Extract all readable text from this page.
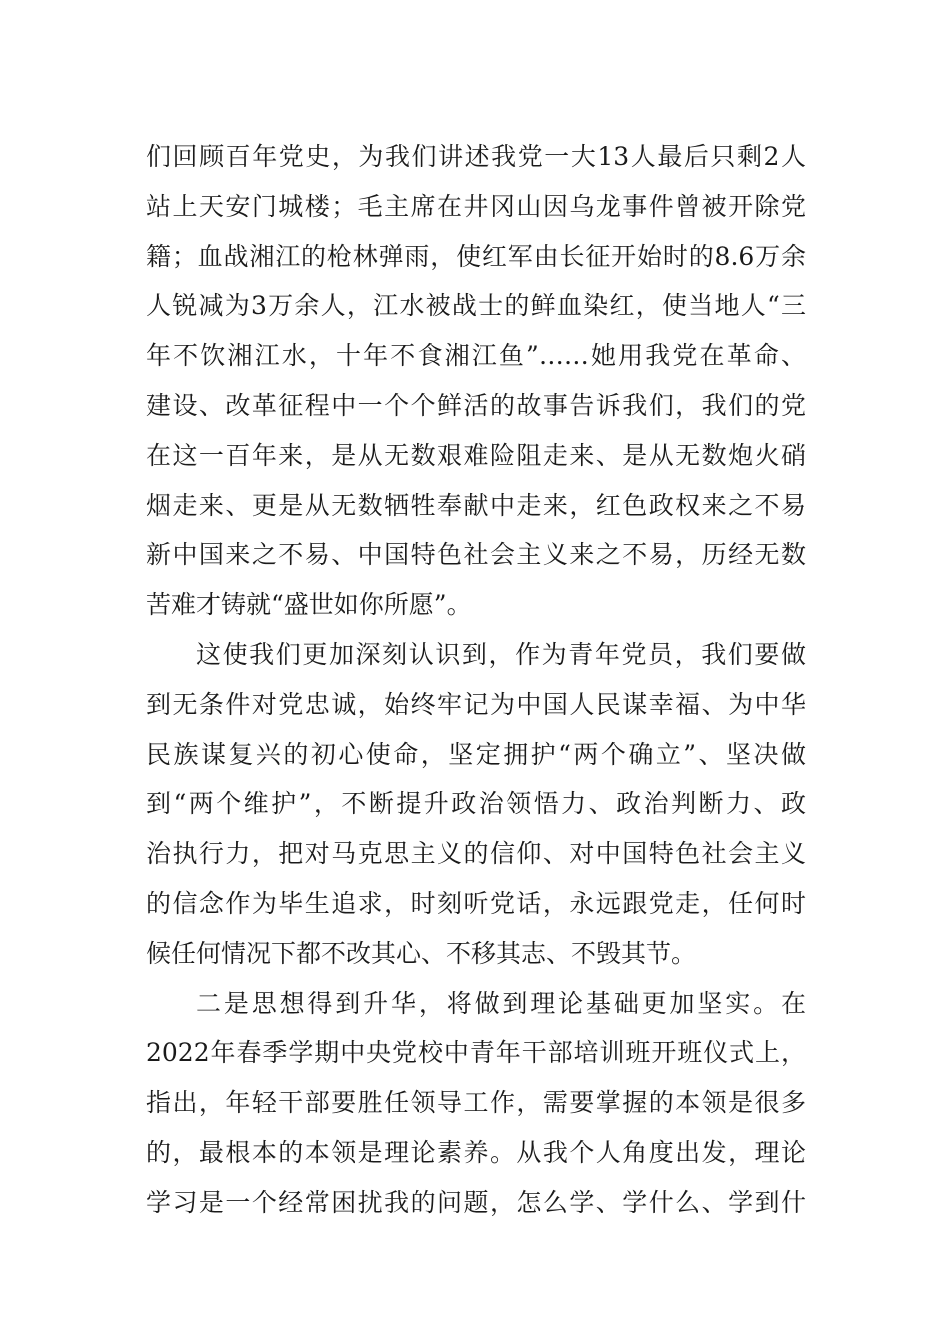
们回顾百年党史，为我们讲述我党一大13人最后只剩2人
站上天安门城楼；毛主席在井冈山因乌龙事件曾被开除党
籍；血战湘江的枪林弹雨，使红军由长征开始时的8.6万余
人锐减为3万余人，江水被战士的鲜血染红，使当地人“三
年不饮湘江水，十年不食湘江鱼”……她用我党在革命、
建设、改革征程中一个个鲜活的故事告诉我们，我们的党
在这一百年来，是从无数艰难险阻走来、是从无数炮火硝
烟走来、更是从无数牺牲奉献中走来，红色政权来之不易
新中国来之不易、中国特色社会主义来之不易，历经无数
苦难才铸就“盛世如你所愿”。
这使我们更加深刻认识到，作为青年党员，我们要做
到无条件对党忠诚，始终牢记为中国人民谋幸福、为中华
民族谋复兴的初心使命，坚定拥护“两个确立”、坚决做
到“两个维护”，不断提升政治领悟力、政治判断力、政
治执行力，把对马克思主义的信仰、对中国特色社会主义
的信念作为毕生追求，时刻听党话，永远跟党走，任何时
候任何情况下都不改其心、不移其志、不毁其节。
二是思想得到升华，将做到理论基础更加坚实。在
2022年春季学期中央党校中青年干部培训班开班仪式上，
指出，年轻干部要胜任领导工作，需要掌握的本领是很多
的，最根本的本领是理论素养。从我个人角度出发，理论
学习是一个经常困扰我的问题，怎么学、学什么、学到什
